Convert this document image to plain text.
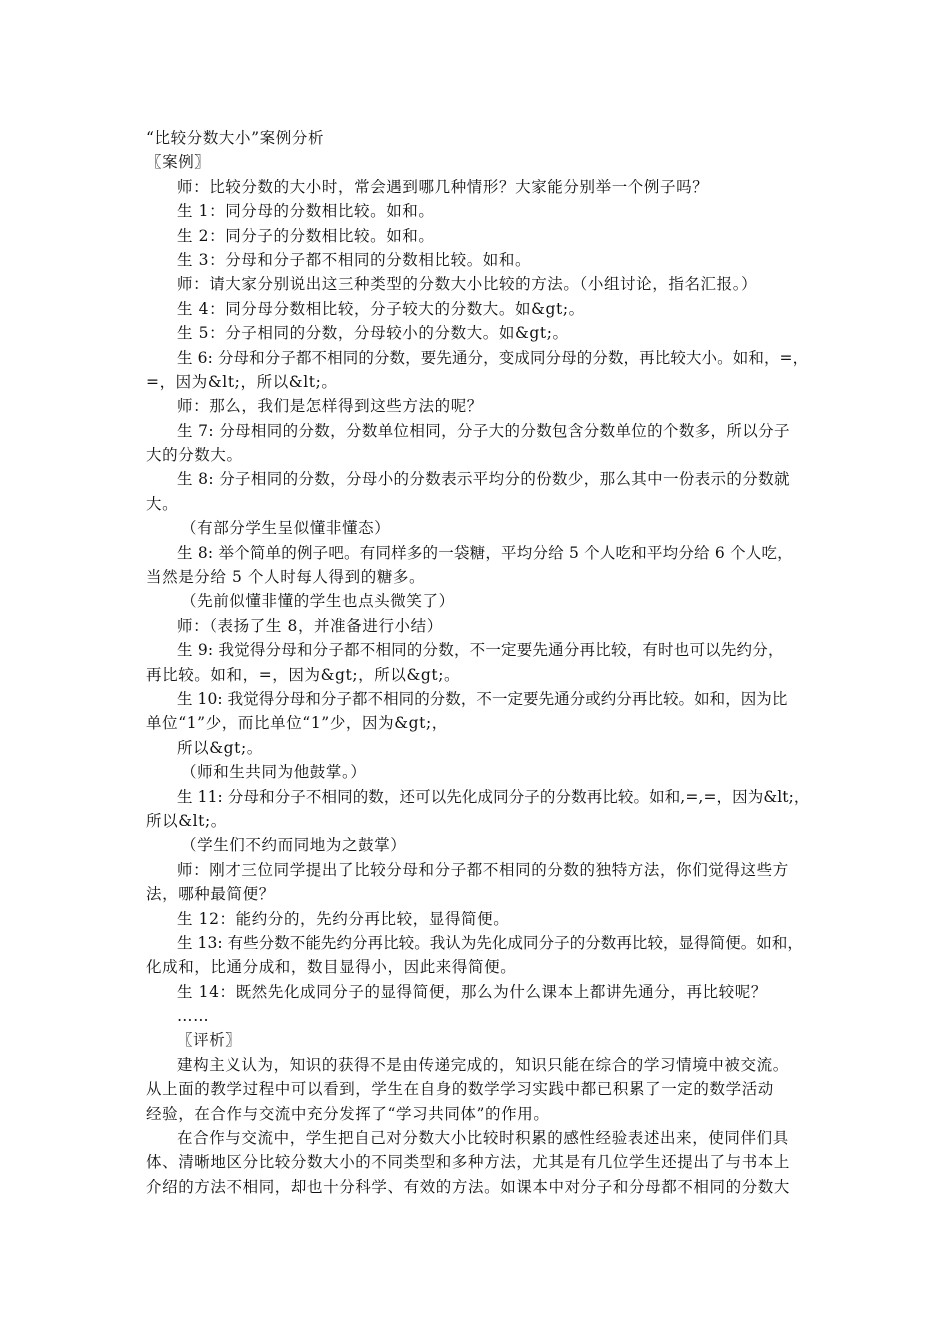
“比较分数大小”案例分析
〖案例〗
师：比较分数的大小时，常会遇到哪几种情形？大家能分别举一个例子吗？
生 1：同分母的分数相比较。如和。
生 2：同分子的分数相比较。如和。
生 3：分母和分子都不相同的分数相比较。如和。
师：请大家分别说出这三种类型的分数大小比较的方法。（小组讨论，指名汇报。）
生 4：同分母分数相比较，分子较大的分数大。如&gt;。
生 5：分子相同的分数，分母较小的分数大。如&gt;。
生 6: 分母和分子都不相同的分数，要先通分，变成同分母的分数，再比较大小。如和，=，
=，因为&lt;，所以&lt;。
师：那么，我们是怎样得到这些方法的呢？
生 7: 分母相同的分数，分数单位相同，分子大的分数包含分数单位的个数多，所以分子
大的分数大。
生 8: 分子相同的分数，分母小的分数表示平均分的份数少，那么其中一份表示的分数就
大。
（有部分学生呈似懂非懂态）
生 8: 举个简单的例子吧。有同样多的一袋糖，平均分给 5 个人吃和平均分给 6 个人吃，
当然是分给 5 个人时每人得到的糖多。
（先前似懂非懂的学生也点头微笑了）
师：（表扬了生 8，并准备进行小结）
生 9: 我觉得分母和分子都不相同的分数，不一定要先通分再比较，有时也可以先约分，
再比较。如和，=，因为&gt;，所以&gt;。
生 10: 我觉得分母和分子都不相同的分数，不一定要先通分或约分再比较。如和，因为比
单位“1”少，而比单位“1”少，因为&gt;，
所以&gt;。
（师和生共同为他鼓掌。）
生 11: 分母和分子不相同的数，还可以先化成同分子的分数再比较。如和,=,=，因为&lt;，
所以&lt;。
（学生们不约而同地为之鼓掌）
师：刚才三位同学提出了比较分母和分子都不相同的分数的独特方法，你们觉得这些方
法，哪种最简便？
生 12：能约分的，先约分再比较，显得简便。
生 13: 有些分数不能先约分再比较。我认为先化成同分子的分数再比较，显得简便。如和，
化成和，比通分成和，数目显得小，因此来得简便。
生 14：既然先化成同分子的显得简便，那么为什么课本上都讲先通分，再比较呢？
……
〖评析〗
建构主义认为，知识的获得不是由传递完成的，知识只能在综合的学习情境中被交流。
从上面的教学过程中可以看到，学生在自身的数学学习实践中都已积累了一定的数学活动
经验，在合作与交流中充分发挥了“学习共同体”的作用。
在合作与交流中，学生把自己对分数大小比较时积累的感性经验表述出来，使同伴们具
体、清晰地区分比较分数大小的不同类型和多种方法，尤其是有几位学生还提出了与书本上
介绍的方法不相同，却也十分科学、有效的方法。如课本中对分子和分母都不相同的分数大
